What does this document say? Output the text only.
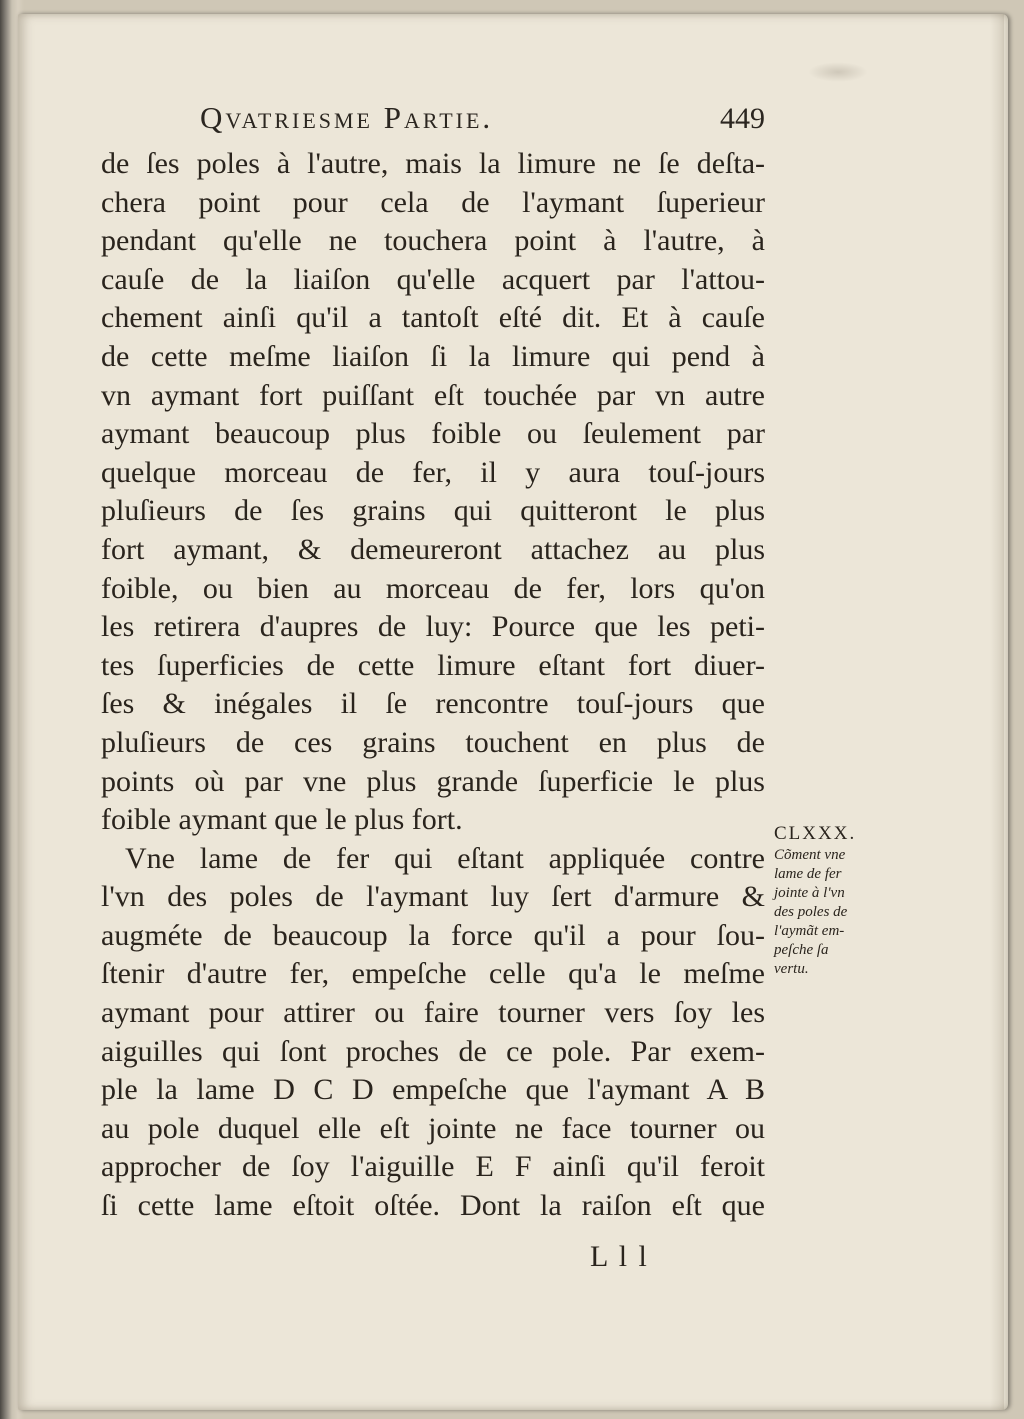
Qvatriesme Partie.	449
de ſes poles à l'autre, mais la limure ne ſe deſta-
chera point pour cela de l'aymant ſuperieur
pendant qu'elle ne touchera point à l'autre, à
cauſe de la liaiſon qu'elle acquert par l'attou-
chement ainſi qu'il a tantoſt eſté dit. Et à cauſe
de cette meſme liaiſon ſi la limure qui pend à
vn aymant fort puiſſant eſt touchée par vn autre
aymant beaucoup plus foible ou ſeulement par
quelque morceau de fer, il y aura touſ-jours
pluſieurs de ſes grains qui quitteront le plus
fort aymant, & demeureront attachez au plus
foible, ou bien au morceau de fer, lors qu'on
les retirera d'aupres de luy: Pource que les peti-
tes ſuperficies de cette limure eſtant fort diuer-
ſes & inégales il ſe rencontre touſ-jours que
pluſieurs de ces grains touchent en plus de
points où par vne plus grande ſuperficie le plus
foible aymant que le plus fort.
Vne lame de fer qui eſtant appliquée contre
l'vn des poles de l'aymant luy ſert d'armure &
augméte de beaucoup la force qu'il a pour ſou-
ſtenir d'autre fer, empeſche celle qu'a le meſme
aymant pour attirer ou faire tourner vers ſoy les
aiguilles qui ſont proches de ce pole. Par exem-
ple la lame D C D empeſche que l'aymant A B
au pole duquel elle eſt jointe ne face tourner ou
approcher de ſoy l'aiguille E F ainſi qu'il feroit
ſi cette lame eſtoit oſtée. Dont la raiſon eſt que
CLXXX.
Cõment vne
lame de fer
jointe à l'vn
des poles de
l'aymãt em-
peſche ſa
vertu.
L l l
